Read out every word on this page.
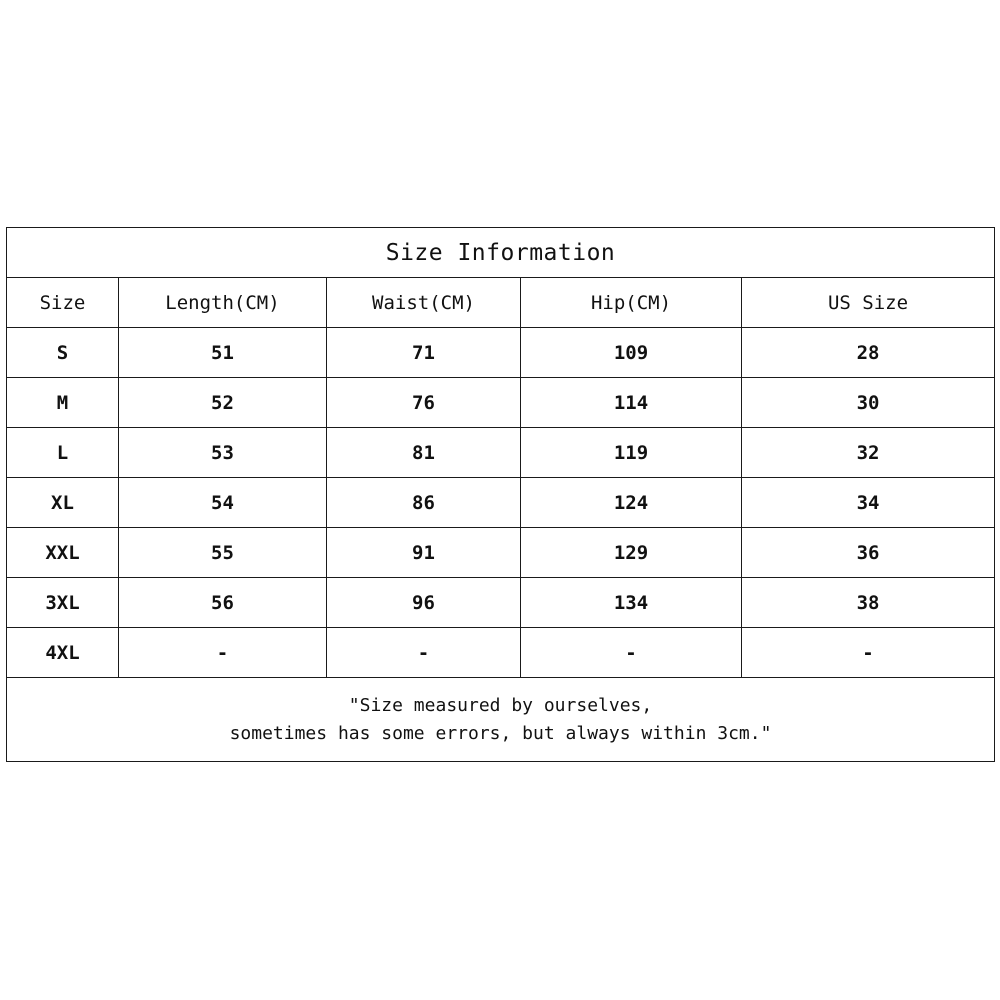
Size Information				
Size	Length(CM)	Waist(CM)	Hip(CM)	US Size
S	51	71	109	28
M	52	76	114	30
L	53	81	119	32
XL	54	86	124	34
XXL	55	91	129	36
3XL	56	96	134	38
4XL	-	-	-	-

"Size measured by ourselves,
sometimes has some errors, but always within 3cm."				
